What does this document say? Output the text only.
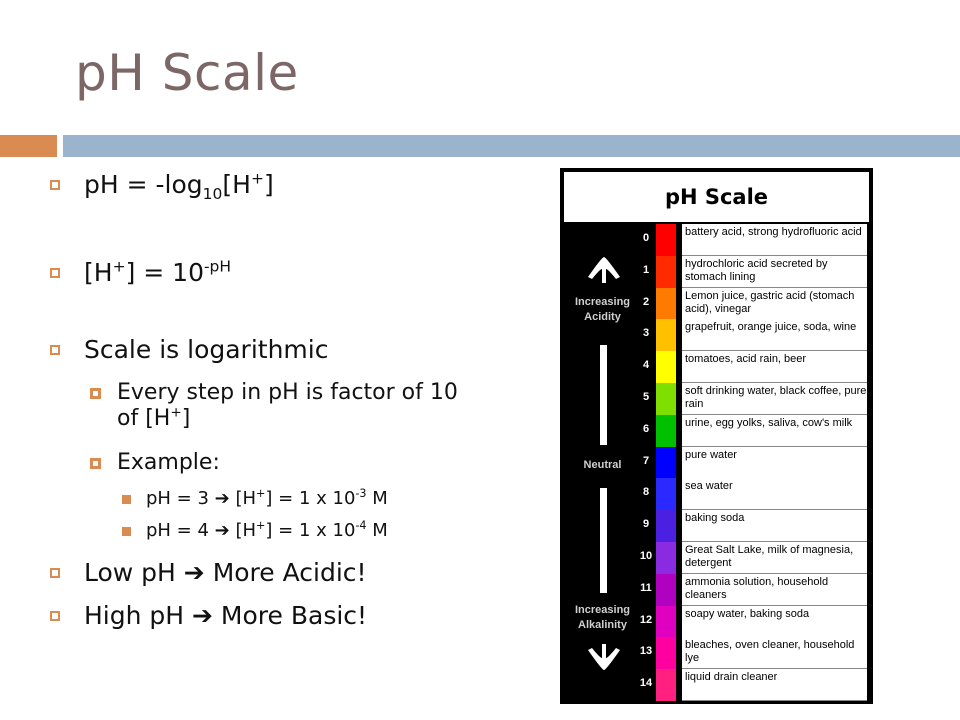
pH Scale
pH = $-\log_{10}[H^+]$
$[H^+] = 10^{-pH}$
Scale is logarithmic
Every step in pH is factor of 10 of [H+]
Example:
pH = 3 ➔ [H+] = 1 x $10^{-3}$ M
pH = 4 ➔ [H+] = 1 x $10^{-4}$ M
Low pH ➔ More Acidic!
High pH ➔ More Basic!
pH Scale
Increasing Acidity
Neutral
Increasing Alkalinity
0	battery acid, strong hydrofluoric acid
1	hydrochloric acid secreted by stomach lining
2	Lemon juice, gastric acid (stomach acid), vinegar
3	grapefruit, orange juice, soda, wine
4	tomatoes, acid rain, beer
5	soft drinking water, black coffee, pure rain
6	urine, egg yolks, saliva, cow's milk
7	pure water
8	sea water
9	baking soda
10	Great Salt Lake, milk of magnesia, detergent
11	ammonia solution, household cleaners
12	soapy water, baking soda
13	bleaches, oven cleaner, household lye
14	liquid drain cleaner
